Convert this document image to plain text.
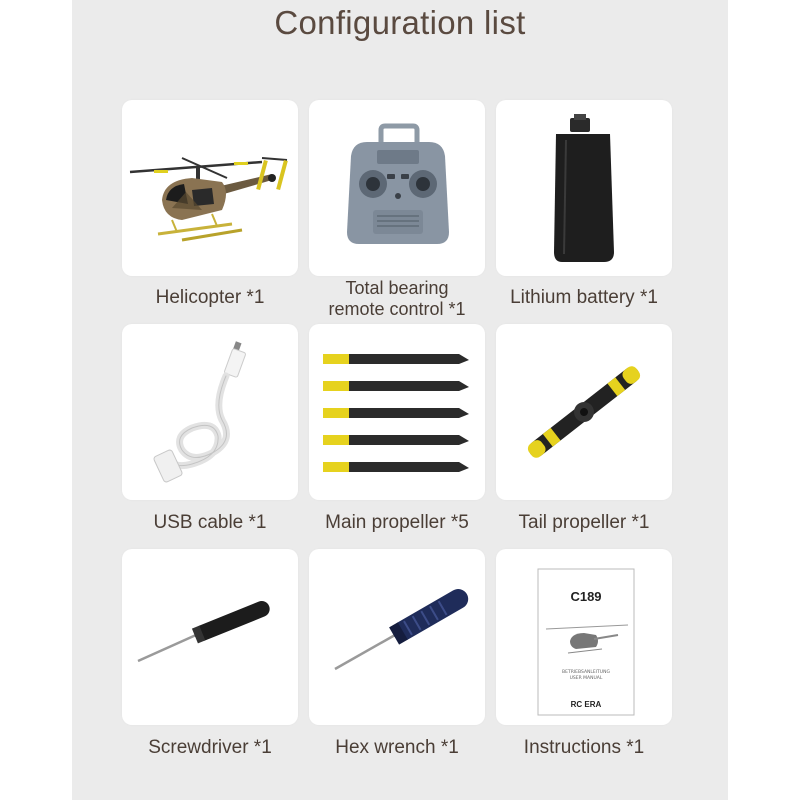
Configuration list
Helicopter *1	Total bearing
remote control *1
Lithium battery *1
USB cable *1	Main propeller *5	Tail propeller *1
Screwdriver *1	Hex wrench *1
C189
BETRIEBSANLEITUNG
USER MANUAL
RC ERA
Instructions *1
